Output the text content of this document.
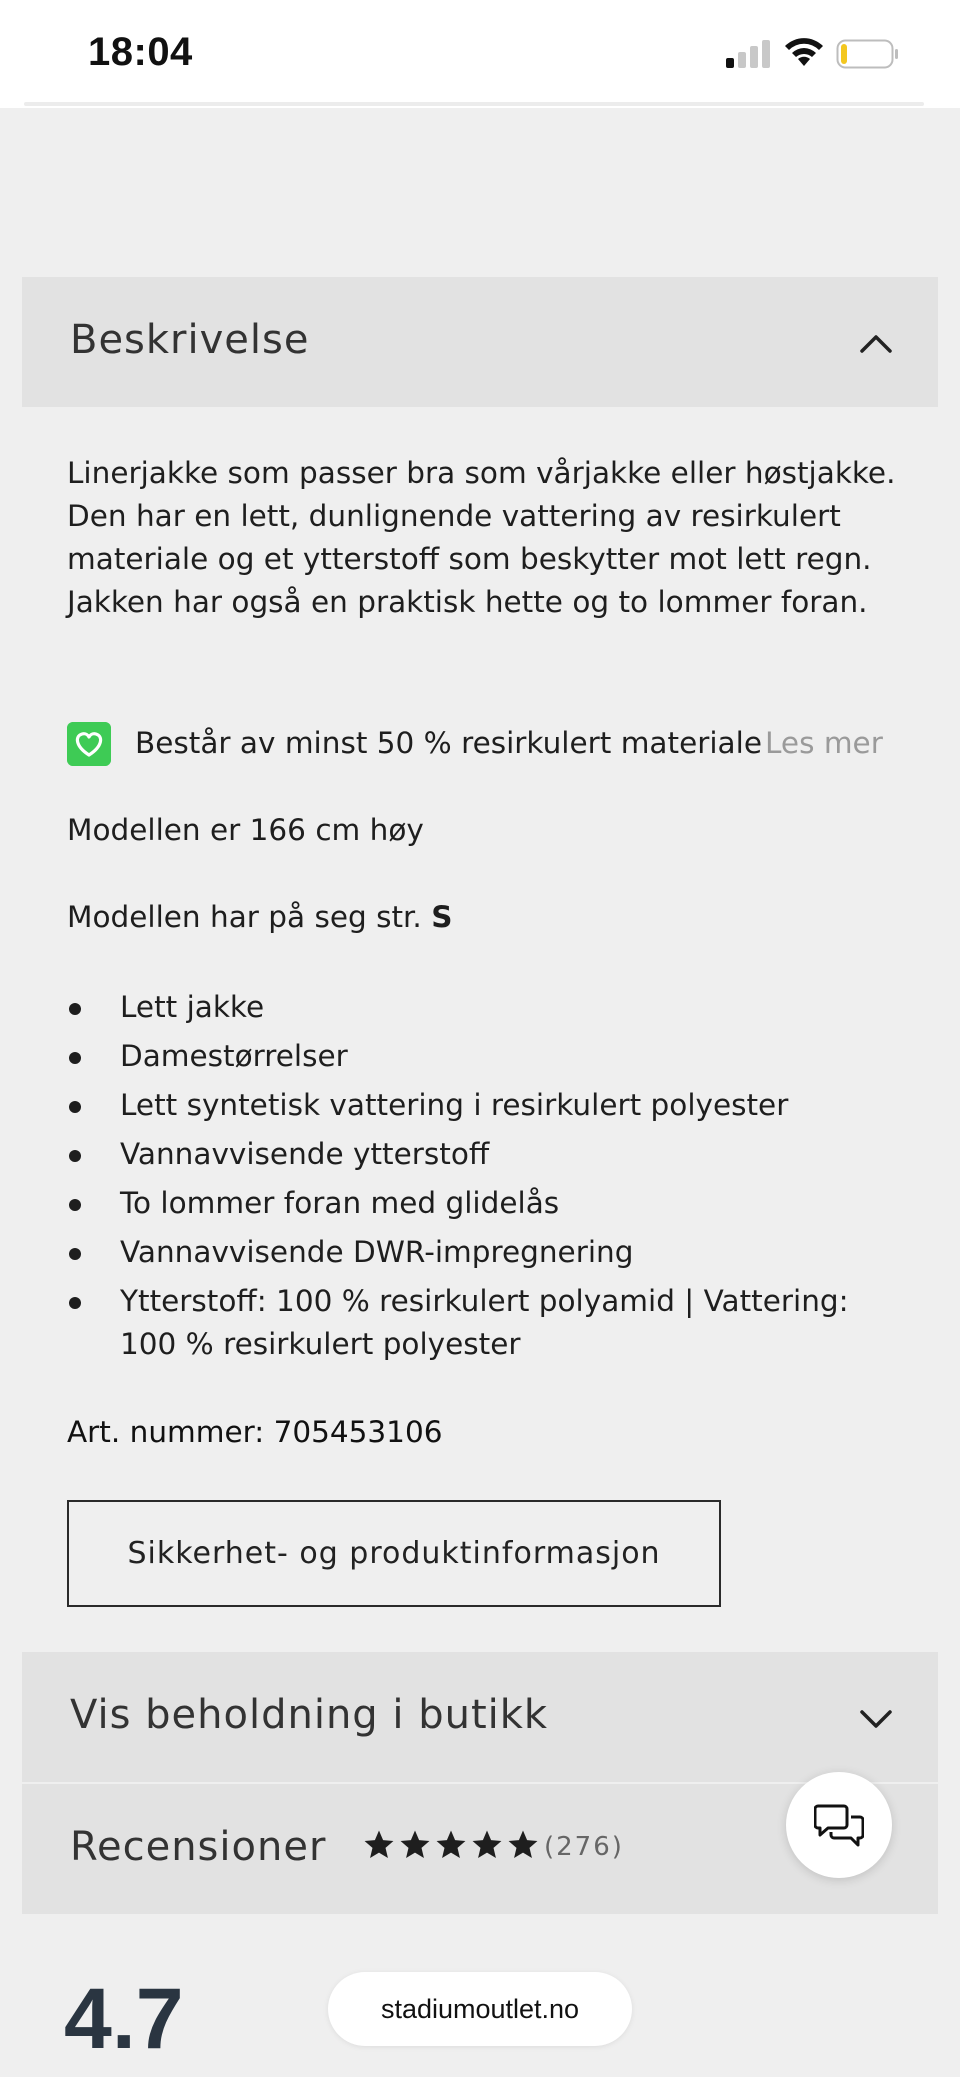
18:04
Beskrivelse
Linerjakke som passer bra som vårjakke eller høstjakke. Den har en lett, dunlignende vattering av resirkulert materiale og et ytterstoff som beskytter mot lett regn. Jakken har også en praktisk hette og to lommer foran.
Består av minst 50 % resirkulert materiale Les mer
Modellen er 166 cm høy
Modellen har på seg str. S
Lett jakke
Damestørrelser
Lett syntetisk vattering i resirkulert polyester
Vannavvisende ytterstoff
To lommer foran med glidelås
Vannavvisende DWR-impregnering
Ytterstoff: 100 % resirkulert polyamid | Vattering: 100 % resirkulert polyester
Art. nummer: 705453106
Sikkerhet- og produktinformasjon
Vis beholdning i butikk
Recensioner	(276)
4.7	stadiumoutlet.no
